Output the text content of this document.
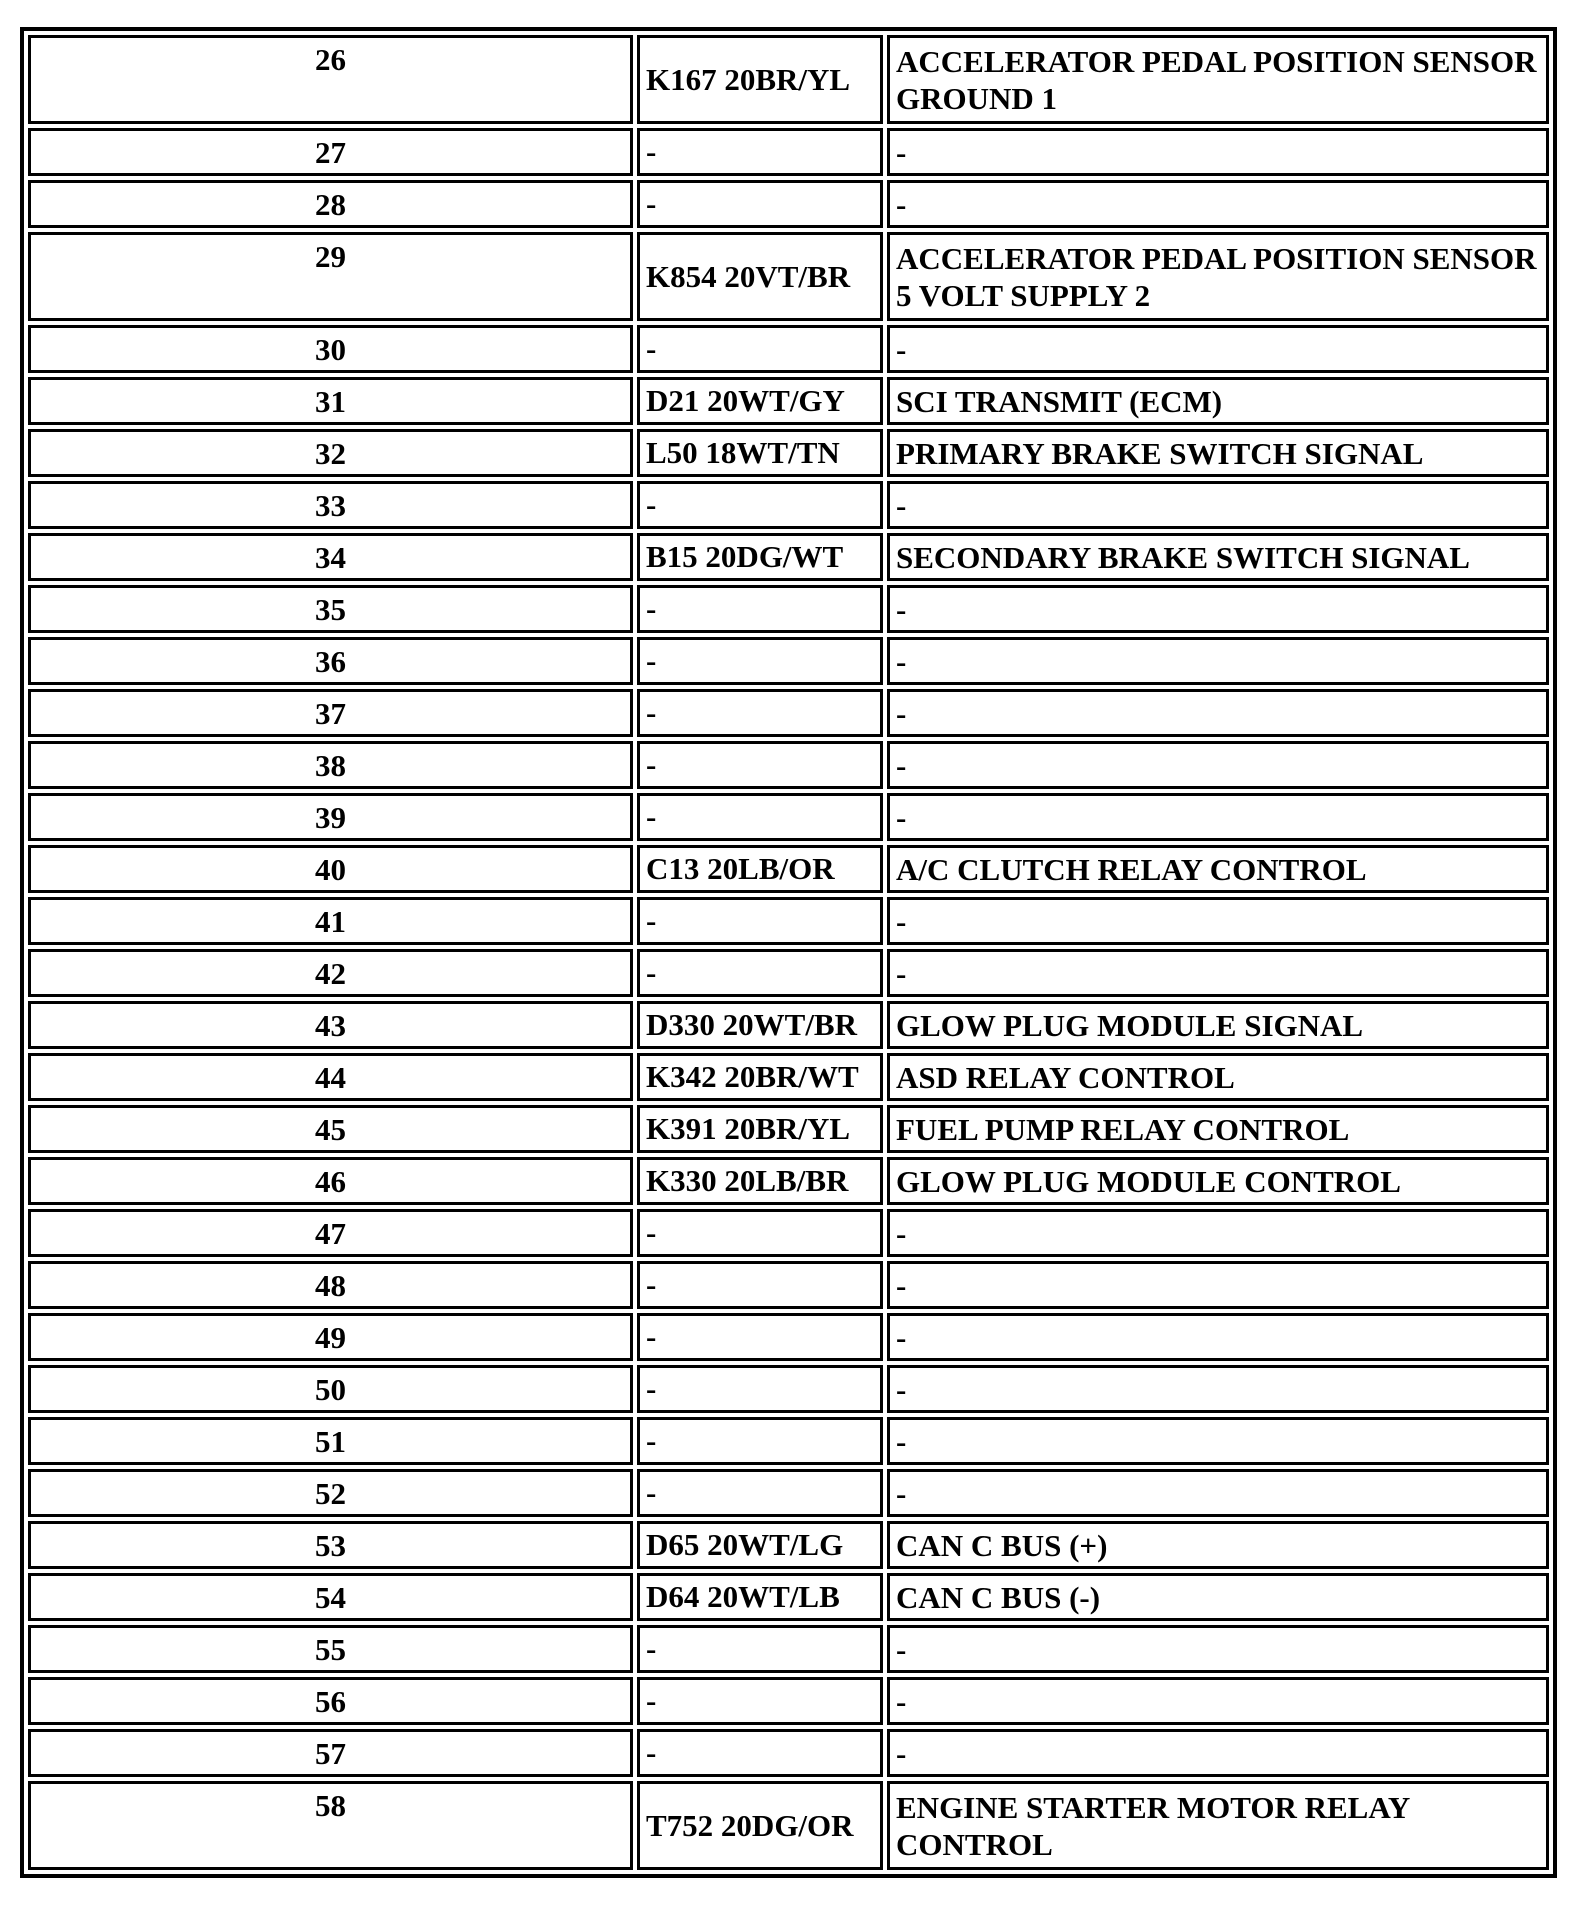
26	K167 20BR/YL	ACCELERATOR PEDAL POSITION SENSOR GROUND 1
27	-	-
28	-	-
29	K854 20VT/BR	ACCELERATOR PEDAL POSITION SENSOR 5 VOLT SUPPLY 2
30	-	-
31	D21 20WT/GY	SCI TRANSMIT (ECM)
32	L50 18WT/TN	PRIMARY BRAKE SWITCH SIGNAL
33	-	-
34	B15 20DG/WT	SECONDARY BRAKE SWITCH SIGNAL
35	-	-
36	-	-
37	-	-
38	-	-
39	-	-
40	C13 20LB/OR	A/C CLUTCH RELAY CONTROL
41	-	-
42	-	-
43	D330 20WT/BR	GLOW PLUG MODULE SIGNAL
44	K342 20BR/WT	ASD RELAY CONTROL
45	K391 20BR/YL	FUEL PUMP RELAY CONTROL
46	K330 20LB/BR	GLOW PLUG MODULE CONTROL
47	-	-
48	-	-
49	-	-
50	-	-
51	-	-
52	-	-
53	D65 20WT/LG	CAN C BUS (+)
54	D64 20WT/LB	CAN C BUS (-)
55	-	-
56	-	-
57	-	-
58	T752 20DG/OR	ENGINE STARTER MOTOR RELAY CONTROL
